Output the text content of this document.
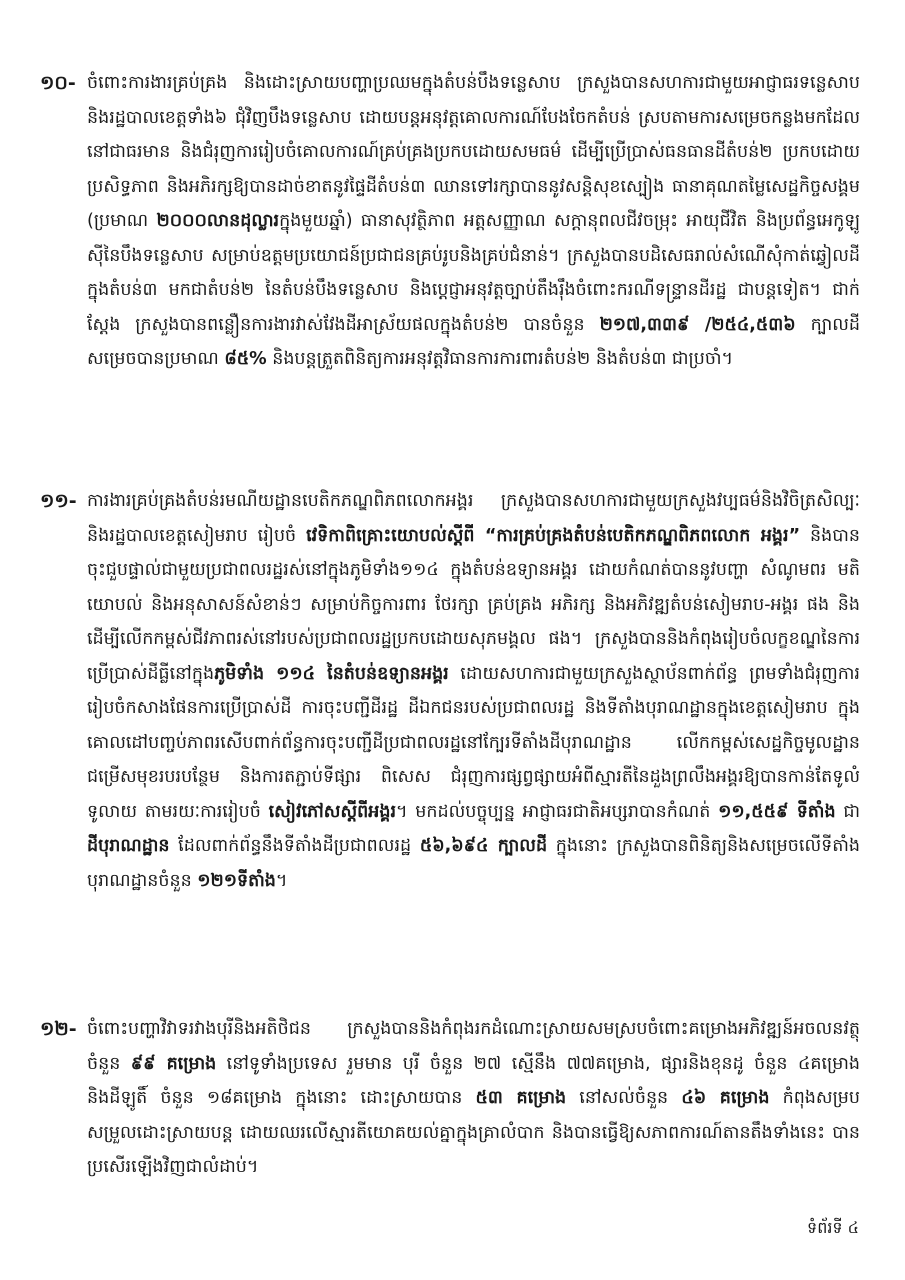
១០- ចំពោះការងារគ្រប់គ្រង និងដោះស្រាយបញ្ហាប្រឈមក្នុងតំបន់បឹងទន្លេសាប ក្រសួងបានសហការជាមួយអាជ្ញាធរទន្លេសាប និងរដ្ឋបាលខេត្តទាំង៦ ជុំវិញបឹងទន្លេសាប ដោយបន្តអនុវត្តគោលការណ៍បែងចែកតំបន់ ស្របតាមការសម្រេចកន្លងមកដែលនៅជាធរមាន និងជំរុញការរៀបចំគោលការណ៍គ្រប់គ្រងប្រកបដោយសមធម៌ ដើម្បីប្រើប្រាស់ធនធានដីតំបន់២ ប្រកបដោយប្រសិទ្ធភាព និងអភិរក្សឱ្យបានដាច់ខាតនូវផ្ទៃដីតំបន់៣ ឈានទៅរក្សាបាននូវសន្តិសុខស្បៀង ធានាគុណតម្លៃសេដ្ឋកិច្ចសង្គម (ប្រមាណ ២០០០លានដុល្លារក្នុងមួយឆ្នាំ) ធានាសុវត្ថិភាព អត្តសញ្ញាណ សក្តានុពលជីវចម្រុះ អាយុជីវិត និងប្រព័ន្ធអេកូឡូស៊ីនៃបឹងទន្លេសាប សម្រាប់ឧត្តមប្រយោជន៍ប្រជាជនគ្រប់រូបនិងគ្រប់ជំនាន់។ ក្រសួងបានបដិសេធរាល់សំណើសុំកាត់ឆ្វៀលដីក្នុងតំបន់៣ មកជាតំបន់២ នៃតំបន់បឹងទន្លេសាប និងប្តេជ្ញាអនុវត្តច្បាប់តឹងរ៉ឹងចំពោះករណីទន្ទ្រានដីរដ្ឋ ជាបន្តទៀត។ ជាក់ស្តែង ក្រសួងបានពន្លឿនការងារវាស់វែងដីអាស្រ័យផលក្នុងតំបន់២ បានចំនួន ២១៧,៣៣៩ /២៥៤,៥៣៦ ក្បាលដី សម្រេចបានប្រមាណ ៨៥% និងបន្តត្រួតពិនិត្យការអនុវត្តវិធានការការពារតំបន់២ និងតំបន់៣ ជាប្រចាំ។
១១- ការងារគ្រប់គ្រងតំបន់រមណីយដ្ឋានបេតិកភណ្ឌពិភពលោកអង្គរ ក្រសួងបានសហការជាមួយក្រសួងវប្បធម៌និងវិចិត្រសិល្បៈ និងរដ្ឋបាលខេត្តសៀមរាប រៀបចំ វេទិកាពិគ្រោះយោបល់ស្តីពី “ការគ្រប់គ្រងតំបន់បេតិកភណ្ឌពិភពលោក អង្គរ” និងបានចុះជួបផ្ទាល់ជាមួយប្រជាពលរដ្ឋរស់នៅក្នុងភូមិទាំង១១៤ ក្នុងតំបន់ឧទ្យានអង្គរ ដោយកំណត់បាននូវបញ្ហា សំណូមពរ មតិយោបល់ និងអនុសាសន៍សំខាន់ៗ សម្រាប់កិច្ចការពារ ថែរក្សា គ្រប់គ្រង អភិរក្ស និងអភិវឌ្ឍតំបន់សៀមរាប-អង្គរ ផង និងដើម្បីលើកកម្ពស់ជីវភាពរស់នៅរបស់ប្រជាពលរដ្ឋប្រកបដោយសុភមង្គល ផង។ ក្រសួងបាននិងកំពុងរៀបចំលក្ខខណ្ឌនៃការប្រើប្រាស់ដីធ្លីនៅក្នុងភូមិទាំង ១១៤ នៃតំបន់ឧទ្យានអង្គរ ដោយសហការជាមួយក្រសួងស្ថាប័នពាក់ព័ន្ធ ព្រមទាំងជំរុញការរៀបចំកសាងផែនការប្រើប្រាស់ដី ការចុះបញ្ជីដីរដ្ឋ ដីឯកជនរបស់ប្រជាពលរដ្ឋ និងទីតាំងបុរាណដ្ឋានក្នុងខេត្តសៀមរាប ក្នុងគោលដៅបញ្ចប់ភាពរសើបពាក់ព័ន្ធការចុះបញ្ជីដីប្រជាពលរដ្ឋនៅក្បែរទីតាំងដីបុរាណដ្ឋាន លើកកម្ពស់សេដ្ឋកិច្ចមូលដ្ឋាន ជម្រើសមុខរបរបន្ថែម និងការតភ្ជាប់ទីផ្សារ ពិសេស ជំរុញការផ្សព្វផ្សាយអំពីស្មារតីនៃដួងព្រលឹងអង្គរឱ្យបានកាន់តែទូលំទូលាយ តាមរយៈការរៀបចំ សៀវភៅសស្តីពីអង្គរ។ មកដល់បច្ចុប្បន្ន អាជ្ញាធរជាតិអប្សរាបានកំណត់ ១១,៥៥៩ ទីតាំង ជា ដីបុរាណដ្ឋាន ដែលពាក់ព័ន្ធនឹងទីតាំងដីប្រជាពលរដ្ឋ ៥៦,៦៩៤ ក្បាលដី ក្នុងនោះ ក្រសួងបានពិនិត្យនិងសម្រេចលើទីតាំងបុរាណដ្ឋានចំនួន ១២១ទីតាំង។
១២- ចំពោះបញ្ហាវិវាទរវាងបុរីនិងអតិថិជន ក្រសួងបាននិងកំពុងរកដំណោះស្រាយសមស្របចំពោះគម្រោងអភិវឌ្ឍន៍អចលនវត្ថុចំនួន ៩៩ គម្រោង នៅទូទាំងប្រទេស រួមមាន បុរី ចំនួន ២៧ ស្មើនឹង ៧៧គម្រោង, ផ្សារនិងខុនដូ ចំនួន ៤គម្រោង និងដីឡូតិ៍ ចំនួន ១៨គម្រោង ក្នុងនោះ ដោះស្រាយបាន ៥៣ គម្រោង នៅសល់ចំនួន ៤៦ គម្រោង កំពុងសម្របសម្រួលដោះស្រាយបន្ត ដោយឈរលើស្មារតីយោគយល់គ្នាក្នុងគ្រាលំបាក និងបានធ្វើឱ្យសភាពការណ៍តានតឹងទាំងនេះ បានប្រសើរឡើងវិញជាលំដាប់។
ទំព័រទី ៤
